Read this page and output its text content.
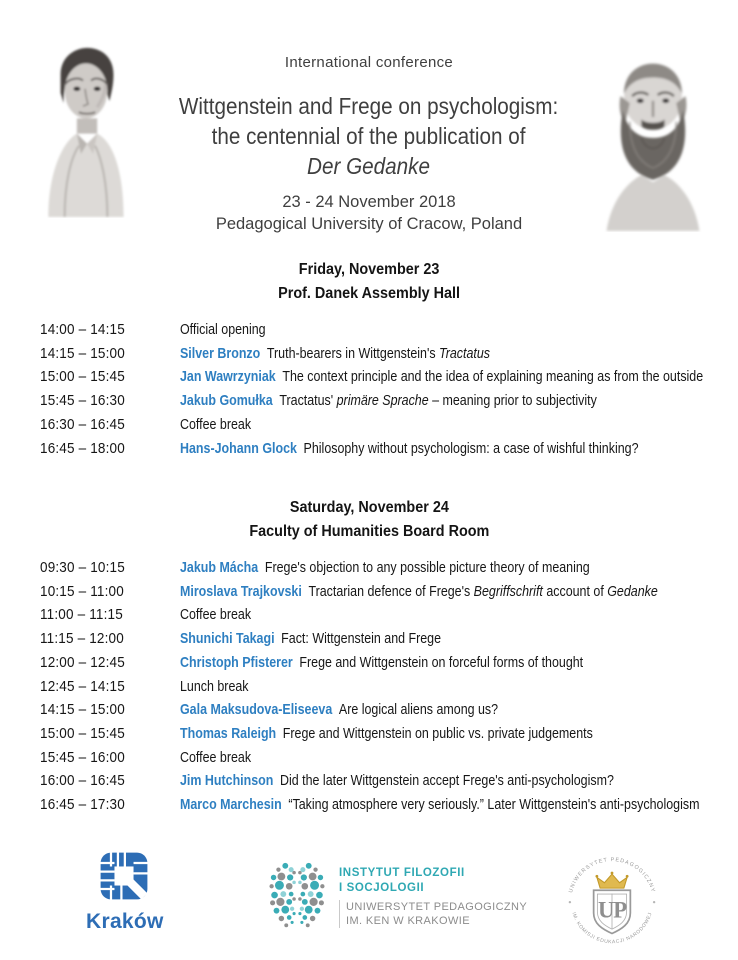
International conference
Wittgenstein and Frege on psychologism:
the centennial of the publication of
Der Gedanke
23 - 24 November 2018
Pedagogical University of Cracow, Poland
Friday, November 23
Prof. Danek Assembly Hall
14:00 – 14:15	Official opening
14:15 – 15:00	Silver Bronzo Truth-bearers in Wittgenstein's Tractatus
15:00 – 15:45	Jan Wawrzyniak The context principle and the idea of explaining meaning as from the outside
15:45 – 16:30	Jakub Gomułka Tractatus' primäre Sprache – meaning prior to subjectivity
16:30 – 16:45	Coffee break
16:45 – 18:00	Hans-Johann Glock Philosophy without psychologism: a case of wishful thinking?
Saturday, November 24
Faculty of Humanities Board Room
09:30 – 10:15	Jakub Mácha Frege's objection to any possible picture theory of meaning
10:15 – 11:00	Miroslava Trajkovski Tractarian defence of Frege's Begriffschrift account of Gedanke
11:00 – 11:15	Coffee break
11:15 – 12:00	Shunichi Takagi Fact: Wittgenstein and Frege
12:00 – 12:45	Christoph Pfisterer Frege and Wittgenstein on forceful forms of thought
12:45 – 14:15	Lunch break
14:15 – 15:00	Gala Maksudova-Eliseeva Are logical aliens among us?
15:00 – 15:45	Thomas Raleigh Frege and Wittgenstein on public vs. private judgements
15:45 – 16:00	Coffee break
16:00 – 16:45	Jim Hutchinson Did the later Wittgenstein accept Frege's anti-psychologism?
16:45 – 17:30	Marco Marchesin “Taking atmosphere very seriously.” Later Wittgenstein's anti-psychologism
Kraków
INSTYTUT FILOZOFII
I SOCJOLOGII
UNIWERSYTET PEDAGOGICZNY
IM. KEN W KRAKOWIE
UNIWERSYTET PEDAGOGICZNY
IM. KOMISJI EDUKACJI NARODOWEJ
UP
